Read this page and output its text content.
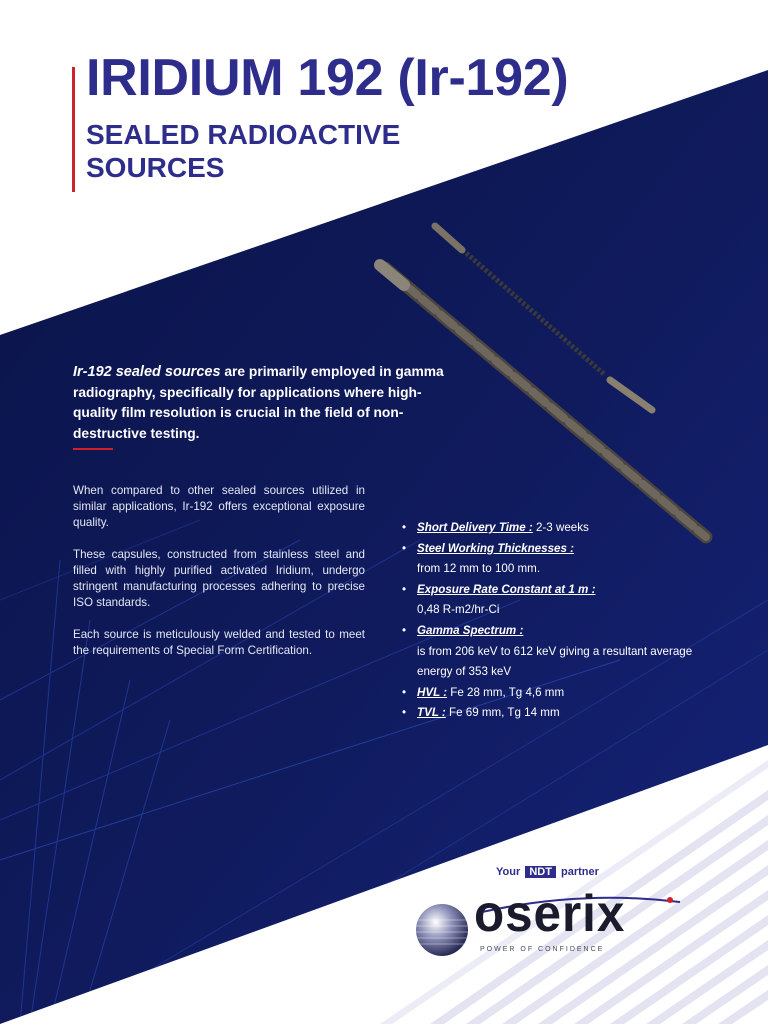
IRIDIUM 192 (Ir-192)
SEALED RADIOACTIVE SOURCES

Ir-192 sealed sources are primarily employed in gamma radiography, specifically for applications where high-quality film resolution is crucial in the field of non-destructive testing.

When compared to other sealed sources utilized in similar applications, Ir-192 offers exceptional exposure quality.

These capsules, constructed from stainless steel and filled with highly purified activated Iridium, undergo stringent manufacturing processes adhering to precise ISO standards.

Each source is meticulously welded and tested to meet the requirements of Special Form Certification.

• Short Delivery Time : 2-3 weeks
• Steel Working Thicknesses :
from 12 mm to 100 mm.
• Exposure Rate Constant at 1 m :
0,48 R-m2/hr-Ci
• Gamma Spectrum :
is from 206 keV to 612 keV giving a resultant average energy of 353 keV
• HVL : Fe 28 mm, Tg 4,6 mm
• TVL : Fe 69 mm, Tg 14 mm
Your NDT partner
oserix
POWER OF CONFIDENCE
